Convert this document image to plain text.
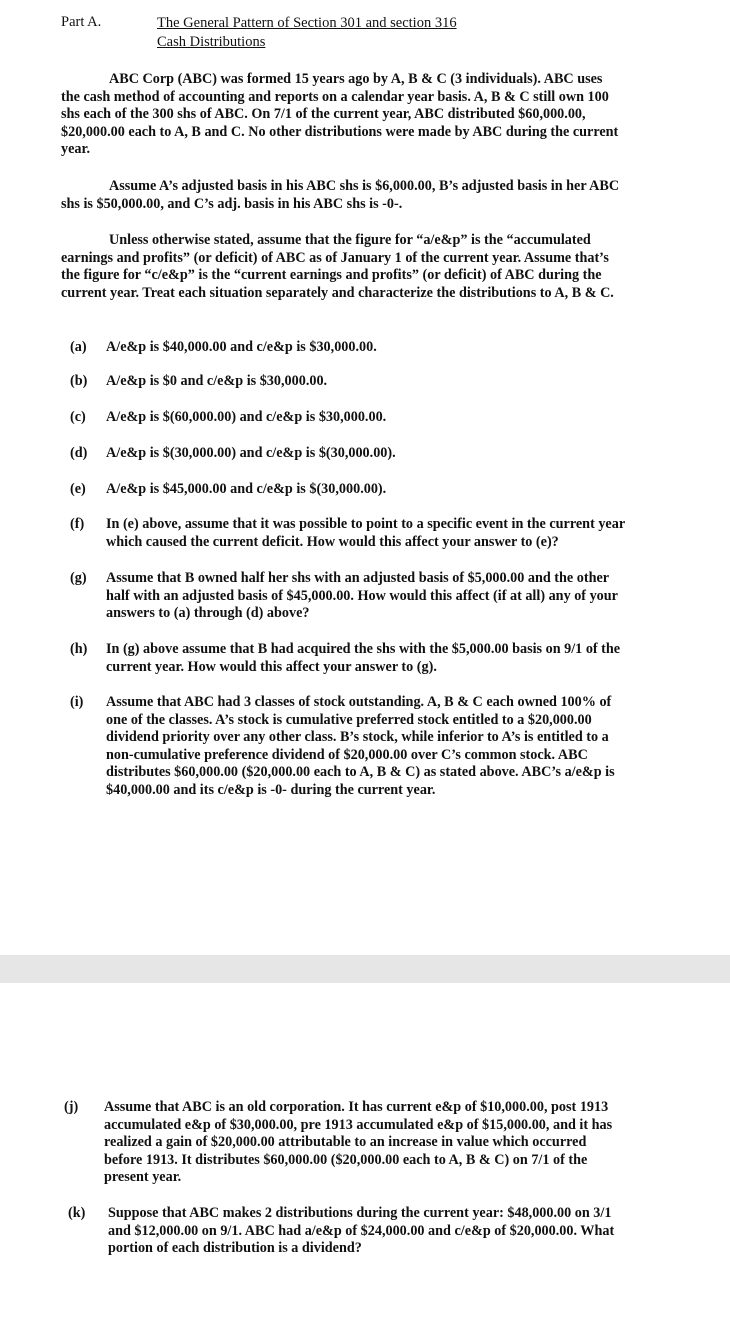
Part A.	The General Pattern of Section 301 and section 316
Cash Distributions
ABC Corp (ABC) was formed 15 years ago by A, B & C (3 individuals). ABC uses the cash method of accounting and reports on a calendar year basis. A, B & C still own 100 shs each of the 300 shs of ABC. On 7/1 of the current year, ABC distributed $60,000.00, $20,000.00 each to A, B and C. No other distributions were made by ABC during the current year.
Assume A’s adjusted basis in his ABC shs is $6,000.00, B’s adjusted basis in her ABC shs is $50,000.00, and C’s adj. basis in his ABC shs is -0-.
Unless otherwise stated, assume that the figure for “a/e&p” is the “accumulated earnings and profits” (or deficit) of ABC as of January 1 of the current year. Assume that’s the figure for “c/e&p” is the “current earnings and profits” (or deficit) of ABC during the current year. Treat each situation separately and characterize the distributions to A, B & C.
(a)	A/e&p is $40,000.00 and c/e&p is $30,000.00.
(b)	A/e&p is $0 and c/e&p is $30,000.00.
(c)	A/e&p is $(60,000.00) and c/e&p is $30,000.00.
(d)	A/e&p is $(30,000.00) and c/e&p is $(30,000.00).
(e)	A/e&p is $45,000.00 and c/e&p is $(30,000.00).
(f)	In (e) above, assume that it was possible to point to a specific event in the current year which caused the current deficit. How would this affect your answer to (e)?
(g)	Assume that B owned half her shs with an adjusted basis of $5,000.00 and the other half with an adjusted basis of $45,000.00. How would this affect (if at all) any of your answers to (a) through (d) above?
(h)	In (g) above assume that B had acquired the shs with the $5,000.00 basis on 9/1 of the current year. How would this affect your answer to (g).
(i)	Assume that ABC had 3 classes of stock outstanding. A, B & C each owned 100% of one of the classes. A’s stock is cumulative preferred stock entitled to a $20,000.00 dividend priority over any other class. B’s stock, while inferior to A’s is entitled to a non-cumulative preference dividend of $20,000.00 over C’s common stock. ABC distributes $60,000.00 ($20,000.00 each to A, B & C) as stated above. ABC’s a/e&p is $40,000.00 and its c/e&p is -0- during the current year.
(j)	Assume that ABC is an old corporation. It has current e&p of $10,000.00, post 1913 accumulated e&p of $30,000.00, pre 1913 accumulated e&p of $15,000.00, and it has realized a gain of $20,000.00 attributable to an increase in value which occurred before 1913. It distributes $60,000.00 ($20,000.00 each to A, B & C) on 7/1 of the present year.
(k)	Suppose that ABC makes 2 distributions during the current year: $48,000.00 on 3/1 and $12,000.00 on 9/1. ABC had a/e&p of $24,000.00 and c/e&p of $20,000.00. What portion of each distribution is a dividend?
